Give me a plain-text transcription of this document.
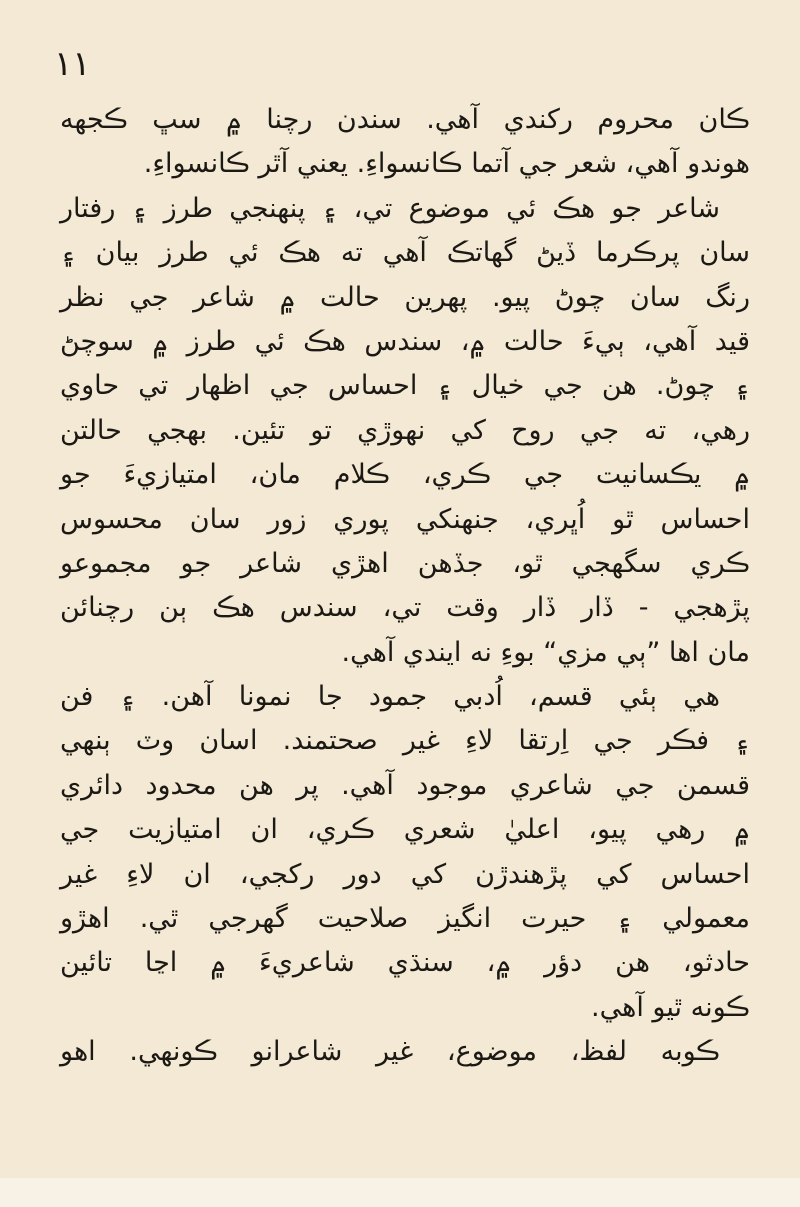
١١
ڪان محروم رکندي آهي. سندن رچنا ۾ سڀ ڪجهه
هوندو آهي، شعر جي آتما ڪانسواءِ. يعني آٿر ڪانسواءِ.
شاعر جو هڪ ئي موضوع تي، ۽ پنهنجي طرز ۽ رفتار
سان پرڪرما ڏيڻ گهاتڪ آهي ته هڪ ئي طرز بيان ۽
رنگ سان چوڻ پيو. پهرين حالت ۾ شاعر جي نظر
قيد آهي، ٻيءَ حالت ۾، سندس هڪ ئي طرز ۾ سوچڻ
۽ چوڻ. هن جي خيال ۽ احساس جي اظهار تي حاوي
رهي، ته جي روح کي نهوڙي تو تئين. بهجي حالتن
۾ يڪسانيت جي ڪري، ڪلام مان، امتيازيءَ جو
احساس ٿو اُڀري، جنهنکي پوري زور سان محسوس
ڪري سگهجي ٿو، جڏهن اهڙي شاعر جو مجموعو
پڙهجي - ڏار ڏار وقت تي، سندس هڪ ٻن رچنائن
مان اها ”ٻي مزي“ بوءِ نه ايندي آهي.
هي ٻئي قسم، اُدبي جمود جا نمونا آهن. ۽ فن
۽ فڪر جي اِرتقا لاءِ غير صحتمند. اسان وٽ ٻنهي
قسمن جي شاعري موجود آهي. پر هن محدود دائري
۾ رهي پيو، اعليٰ شعري ڪري، ان امتيازيت جي
احساس کي پڙهندڙن کي دور رکجي، ان لاءِ غير
معمولي ۽ حيرت انگيز صلاحيت گهرجي ٿي. اهڙو
حادثو، هن دؤر ۾، سنڌي شاعريءَ ۾ اڃا تائين
ڪونه ٿيو آهي.
ڪوبه لفظ، موضوع، غير شاعرانو ڪونهي. اهو
